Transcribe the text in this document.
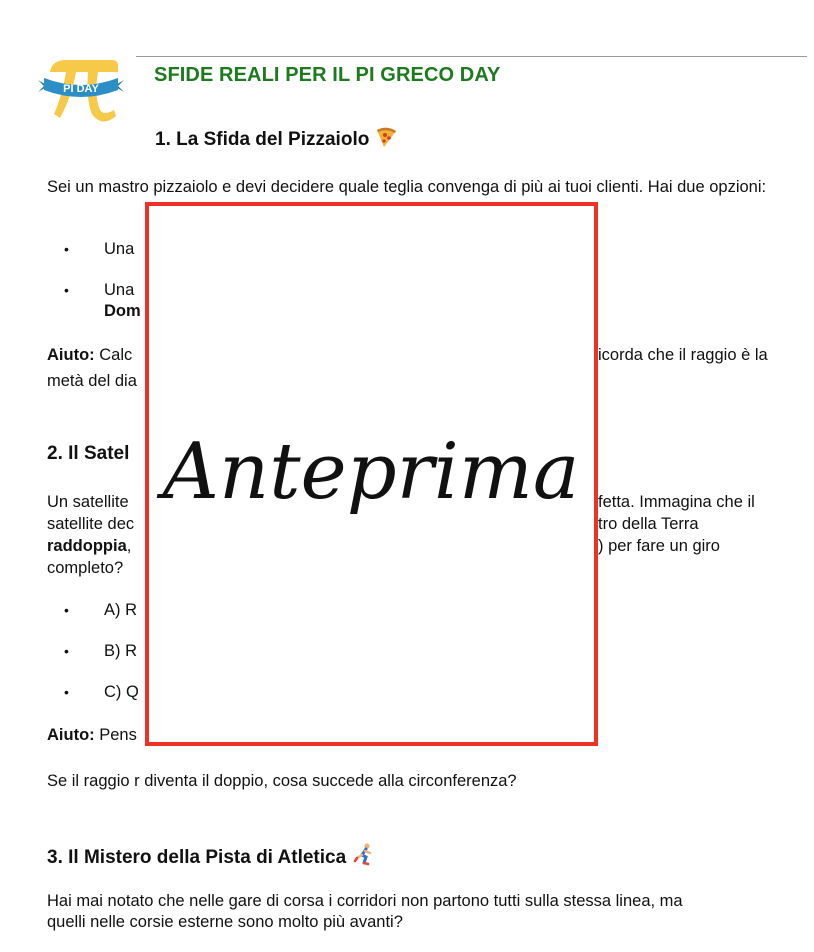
PI DAY
SFIDE REALI PER IL PI GRECO DAY
1. La Sfida del Pizzaiolo
Sei un mastro pizzaiolo e devi decidere quale teglia convenga di più ai tuoi clienti. Hai due opzioni:
• Una
• Una
Dom
Aiuto: Calc	icorda che il raggio è la
metà del dia
2. Il Satel
Un satellite	fetta. Immagina che il
satellite dec	tro della Terra
raddoppia,	) per fare un giro
completo?
• A) R
• B) R
• C) Q
Aiuto: Pens
Se il raggio r diventa il doppio, cosa succede alla circonferenza?
3. Il Mistero della Pista di Atletica
Hai mai notato che nelle gare di corsa i corridori non partono tutti sulla stessa linea, ma
quelli nelle corsie esterne sono molto più avanti?
Anteprima
